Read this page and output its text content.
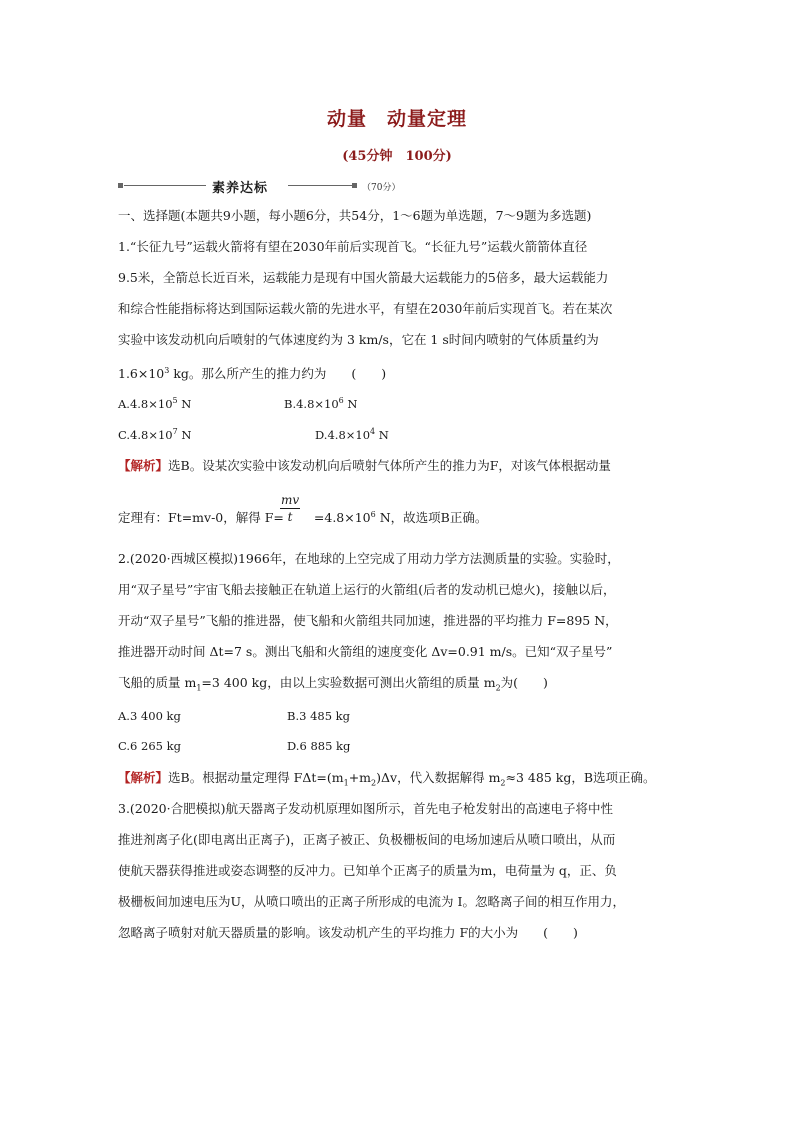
动量　动量定理
(45分钟　100分)
素养达标	（70分）
一、选择题(本题共9小题，每小题6分，共54分，1～6题为单选题，7～9题为多选题)
1.“长征九号”运载火箭将有望在2030年前后实现首飞。“长征九号”运载火箭箭体直径
9.5米，全箭总长近百米，运载能力是现有中国火箭最大运载能力的5倍多，最大运载能力
和综合性能指标将达到国际运载火箭的先进水平，有望在2030年前后实现首飞。若在某次
实验中该发动机向后喷射的气体速度约为 3 km/s，它在 1 s时间内喷射的气体质量约为
$1.6\times 10^3$ kg。那么所产生的推力约为　　(　　)
$A.4.8\times 10^5$ N	$B.4.8\times 10^6$ N
$C.4.8\times 10^7$ N	$D.4.8\times 10^4$ N
【解析】选B。设某次实验中该发动机向后喷射气体所产生的推力为F，对该气体根据动量
定理有：Ft=mv-0，解得 $F= =4.8\times 10^6$ N，故选项B正确。
$\frac{mv}{t}$
2.(2020·西城区模拟)1966年，在地球的上空完成了用动力学方法测质量的实验。实验时，
用“双子星号”宇宙飞船去接触正在轨道上运行的火箭组(后者的发动机已熄火)，接触以后，
开动“双子星号”飞船的推进器，使飞船和火箭组共同加速，推进器的平均推力 F=895 N，
推进器开动时间 Δt=7 s。测出飞船和火箭组的速度变化 Δv=0.91 m/s。已知“双子星号”
飞船的质量 $m_1=3$ 400 kg，由以上实验数据可测出火箭组的质量 $m_2$为(　　)
A.3 400 kg	B.3 485 kg
C.6 265 kg	D.6 885 kg
【解析】选B。根据动量定理得 $F\Delta t=(m_1+m_2)\Delta v$，代入数据解得 $m_2\approx 3$ 485 kg，B选项正确。
3.(2020·合肥模拟)航天器离子发动机原理如图所示，首先电子枪发射出的高速电子将中性
推进剂离子化(即电离出正离子)，正离子被正、负极栅板间的电场加速后从喷口喷出，从而
使航天器获得推进或姿态调整的反冲力。已知单个正离子的质量为m，电荷量为 q，正、负
极栅板间加速电压为U，从喷口喷出的正离子所形成的电流为 I。忽略离子间的相互作用力，
忽略离子喷射对航天器质量的影响。该发动机产生的平均推力 F的大小为　　(　　)
